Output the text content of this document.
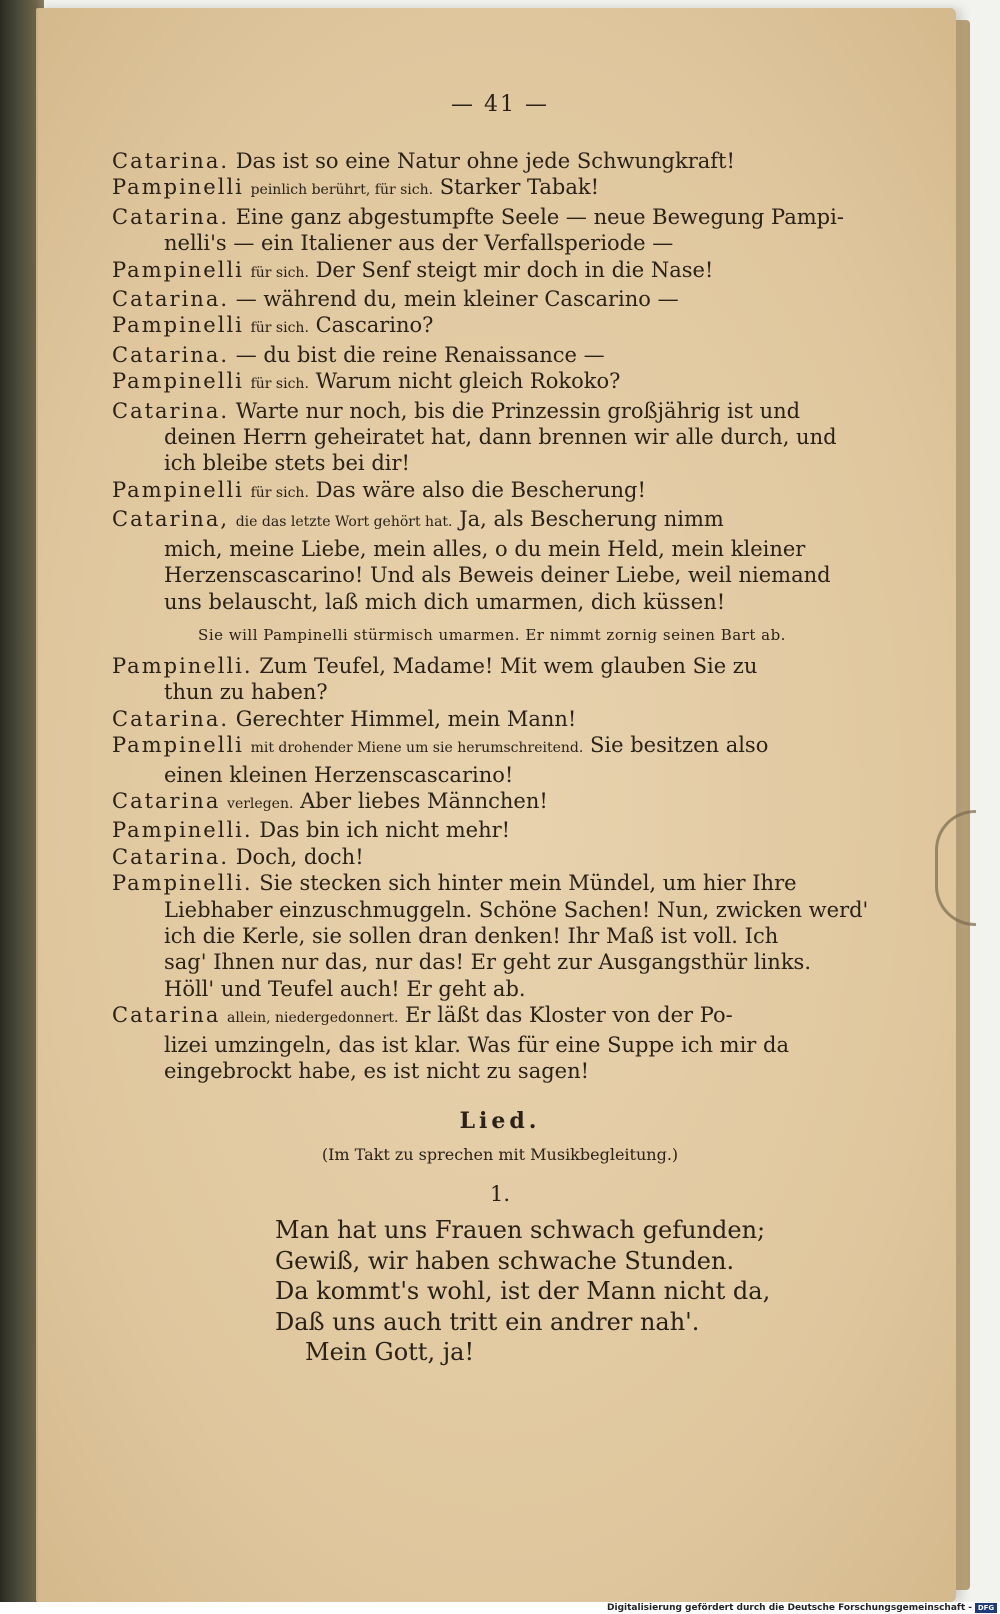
— 41 —
Catarina. Das ist so eine Natur ohne jede Schwungkraft!
Pampinelli peinlich berührt, für sich. Starker Tabak!
Catarina. Eine ganz abgestumpfte Seele — neue Bewegung Pampi-
nelli's — ein Italiener aus der Verfallsperiode —
Pampinelli für sich. Der Senf steigt mir doch in die Nase!
Catarina. — während du, mein kleiner Cascarino —
Pampinelli für sich. Cascarino?
Catarina. — du bist die reine Renaissance —
Pampinelli für sich. Warum nicht gleich Rokoko?
Catarina. Warte nur noch, bis die Prinzessin großjährig ist und
deinen Herrn geheiratet hat, dann brennen wir alle durch, und
ich bleibe stets bei dir!
Pampinelli für sich. Das wäre also die Bescherung!
Catarina, die das letzte Wort gehört hat. Ja, als Bescherung nimm
mich, meine Liebe, mein alles, o du mein Held, mein kleiner
Herzenscascarino! Und als Beweis deiner Liebe, weil niemand
uns belauscht, laß mich dich umarmen, dich küssen!
Sie will Pampinelli stürmisch umarmen. Er nimmt zornig seinen Bart ab.
Pampinelli. Zum Teufel, Madame! Mit wem glauben Sie zu
thun zu haben?
Catarina. Gerechter Himmel, mein Mann!
Pampinelli mit drohender Miene um sie herumschreitend. Sie besitzen also
einen kleinen Herzenscascarino!
Catarina verlegen. Aber liebes Männchen!
Pampinelli. Das bin ich nicht mehr!
Catarina. Doch, doch!
Pampinelli. Sie stecken sich hinter mein Mündel, um hier Ihre
Liebhaber einzuschmuggeln. Schöne Sachen! Nun, zwicken werd'
ich die Kerle, sie sollen dran denken! Ihr Maß ist voll. Ich
sag' Ihnen nur das, nur das! Er geht zur Ausgangsthür links.
Höll' und Teufel auch! Er geht ab.
Catarina allein, niedergedonnert. Er läßt das Kloster von der Po-
lizei umzingeln, das ist klar. Was für eine Suppe ich mir da
eingebrockt habe, es ist nicht zu sagen!
Lied.
(Im Takt zu sprechen mit Musikbegleitung.)
1.
Man hat uns Frauen schwach gefunden;
Gewiß, wir haben schwache Stunden.
Da kommt's wohl, ist der Mann nicht da,
Daß uns auch tritt ein andrer nah'.
Mein Gott, ja!
Digitalisierung gefördert durch die Deutsche Forschungsgemeinschaft - DFG
